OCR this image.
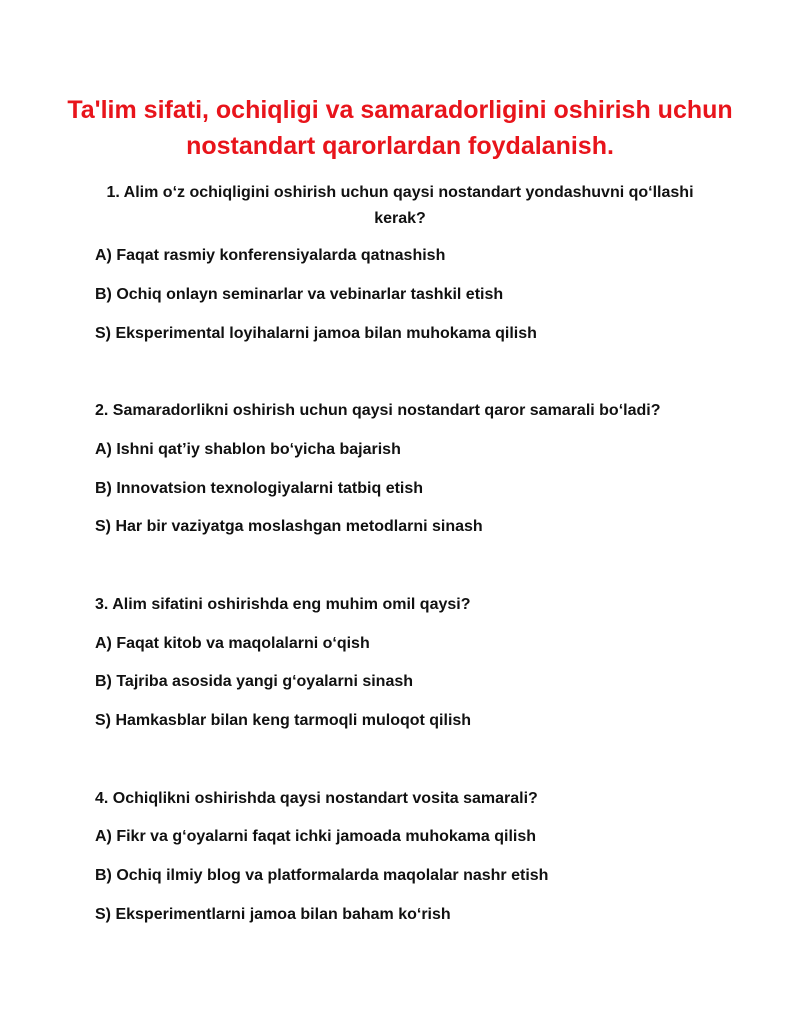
Ta'lim sifati, ochiqligi va samaradorligini oshirish uchun
nostandart qarorlardan foydalanish.
1. Alim o‘z ochiqligini oshirish uchun qaysi nostandart yondashuvni qo‘llashi kerak?
A) Faqat rasmiy konferensiyalarda qatnashish
B) Ochiq onlayn seminarlar va vebinarlar tashkil etish
S) Eksperimental loyihalarni jamoa bilan muhokama qilish
2. Samaradorlikni oshirish uchun qaysi nostandart qaror samarali bo‘ladi?
A) Ishni qat’iy shablon bo‘yicha bajarish
B) Innovatsion texnologiyalarni tatbiq etish
S) Har bir vaziyatga moslashgan metodlarni sinash
3. Alim sifatini oshirishda eng muhim omil qaysi?
A) Faqat kitob va maqolalarni o‘qish
B) Tajriba asosida yangi g‘oyalarni sinash
S) Hamkasblar bilan keng tarmoqli muloqot qilish
4. Ochiqlikni oshirishda qaysi nostandart vosita samarali?
A) Fikr va g‘oyalarni faqat ichki jamoada muhokama qilish
B) Ochiq ilmiy blog va platformalarda maqolalar nashr etish
S) Eksperimentlarni jamoa bilan baham ko‘rish
